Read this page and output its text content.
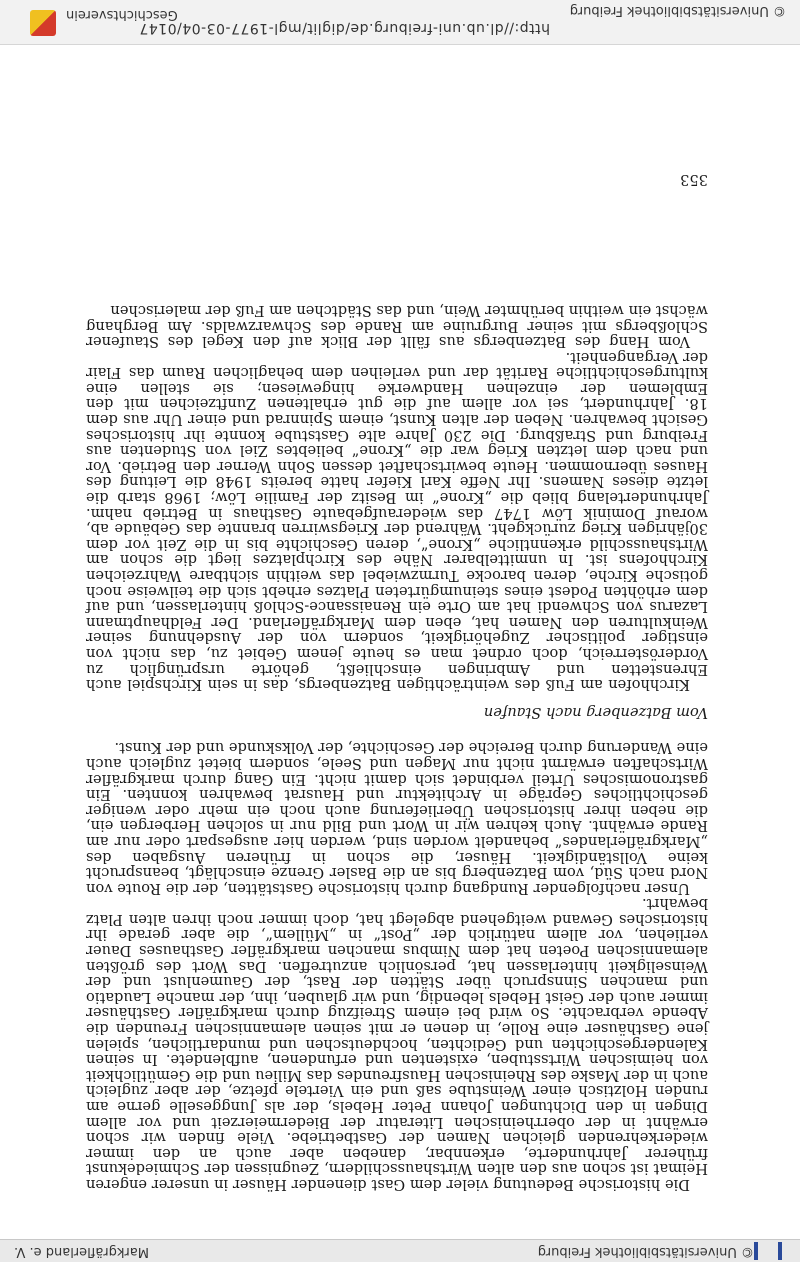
© Universitätsbibliothek Freiburg
Markgräflerland e. V.

Die historische Bedeutung vieler dem Gast dienender Häuser in unserer engeren Heimat ist schon aus den alten Wirtshausschildern, Zeugnissen der Schmiedekunst früherer Jahrhunderte, erkennbar, daneben aber auch an den immer wiederkehrenden gleichen Namen der Gastbetriebe. Viele finden wir schon erwähnt in der oberrheinischen Literatur der Biedermeierzeit und vor allem Dingen in den Dichtungen Johann Peter Hebels, der als Junggeselle gerne am runden Holztisch einer Weinstube saß und ein Viertele pfetze, der aber zugleich auch in der Maske des Rheinischen Hausfreundes das Milieu und die Gemütlichkeit von heimischen Wirtsstuben, existenten und erfundenen, aufblendete. In seinen Kalendergeschichten und Gedichten, hochdeutschen und mundartlichen, spielen jene Gasthäuser eine Rolle, in denen er mit seinen alemannischen Freunden die Abende verbrachte. So wird bei einem Streifzug durch markgräfler Gasthäuser immer auch der Geist Hebels lebendig, und wir glauben, ihn, der manche Laudatio und manchen Sinnspruch über Stätten der Rast, der Gaumenlust und der Weinseligkeit hinterlassen hat, persönlich anzutreffen. Das Wort des größten alemannischen Poeten hat dem Nimbus manchen markgräfler Gasthauses Dauer verliehen, vor allem natürlich der „Post“ in „Müllem“, die aber gerade ihr historisches Gewand weitgehend abgelegt hat, doch immer noch ihren alten Platz bewahrt.

Unser nachfolgender Rundgang durch historische Gaststätten, der die Route von Nord nach Süd, vom Batzenberg bis an die Basler Grenze einschlägt, beansprucht keine Vollständigkeit. Häuser, die schon in früheren Ausgaben des „Markgräflerlandes“ behandelt worden sind, werden hier ausgespart oder nur am Rande erwähnt. Auch kehren wir in Wort und Bild nur in solchen Herbergen ein, die neben ihrer historischen Überlieferung auch noch ein mehr oder weniger geschichtliches Gepräge in Architektur und Hausrat bewahren konnten. Ein gastronomisches Urteil verbindet sich damit nicht. Ein Gang durch markgräfler Wirtschaften erwärmt nicht nur Magen und Seele, sondern bietet zugleich auch eine Wanderung durch Bereiche der Geschichte, der Volkskunde und der Kunst.

Vom Batzenberg nach Staufen

Kirchhofen am Fuß des weinträchtigen Batzenbergs, das in sein Kirchspiel auch Ehrenstetten und Ambringen einschließt, gehörte ursprünglich zu Vorderösterreich, doch ordnet man es heute jenem Gebiet zu, das nicht von einstiger politischer Zugehörigkeit, sondern von der Ausdehnung seiner Weinkulturen den Namen hat, eben dem Markgräflerland. Der Feldhauptmann Lazarus von Schwendi hat am Orte ein Renaissance-Schloß hinterlassen, und auf dem erhöhten Podest eines steinumgürteten Platzes erhebt sich die teilweise noch gotische Kirche, deren barocke Turmzwiebel das weithin sichtbare Wahrzeichen Kirchhofens ist. In unmittelbarer Nähe des Kirchplatzes liegt die schon am Wirtshausschild erkenntliche „Krone“, deren Geschichte bis in die Zeit vor dem 30jährigen Krieg zurückgeht. Während der Kriegswirren brannte das Gebäude ab, worauf Dominik Löw 1747 das wiederaufgebaute Gasthaus in Betrieb nahm. Jahrhundertelang blieb die „Krone“ im Besitz der Familie Löw; 1968 starb die letzte dieses Namens. Ihr Neffe Karl Kiefer hatte bereits 1948 die Leitung des Hauses übernommen. Heute bewirtschaftet dessen Sohn Werner den Betrieb. Vor und nach dem letzten Krieg war die „Krone“ beliebtes Ziel von Studenten aus Freiburg und Straßburg. Die 230 Jahre alte Gaststube konnte ihr historisches Gesicht bewahren. Neben der alten Kunst, einem Spinnrad und einer Uhr aus dem 18. Jahrhundert, sei vor allem auf die gut erhaltenen Zunftzeichen mit den Emblemen der einzelnen Handwerke hingewiesen; sie stellen eine kulturgeschichtliche Rarität dar und verleihen dem behaglichen Raum das Flair der Vergangenheit.

Vom Hang des Batzenbergs aus fällt der Blick auf den Kegel des Staufener Schloßbergs mit seiner Burgruine am Rande des Schwarzwalds. Am Berghang wächst ein weithin berühmter Wein, und das Städtchen am Fuß der malerischen

353
http://dl.ub.uni-freiburg.de/diglit/mgl-1977-03-04/0147
© Universitätsbibliothek Freiburg
Geschichtsverein
